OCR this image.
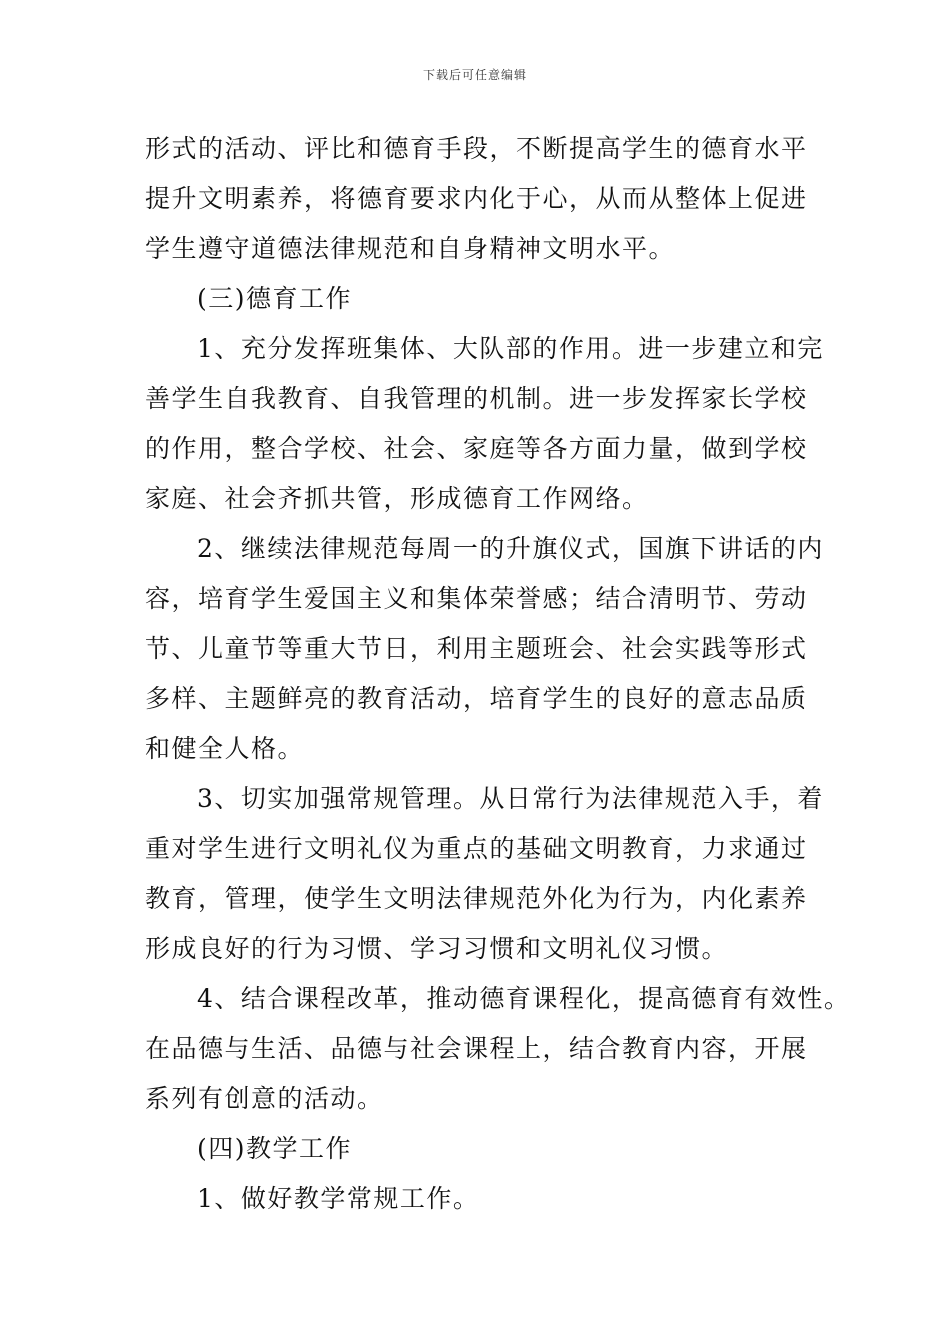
下载后可任意编辑
形式的活动、评比和德育手段，不断提高学生的德育水平
提升文明素养，将德育要求内化于心，从而从整体上促进
学生遵守道德法律规范和自身精神文明水平。
(三)德育工作
1、充分发挥班集体、大队部的作用。进一步建立和完
善学生自我教育、自我管理的机制。进一步发挥家长学校
的作用，整合学校、社会、家庭等各方面力量，做到学校
家庭、社会齐抓共管，形成德育工作网络。
2、继续法律规范每周一的升旗仪式，国旗下讲话的内
容，培育学生爱国主义和集体荣誉感；结合清明节、劳动
节、儿童节等重大节日，利用主题班会、社会实践等形式
多样、主题鲜亮的教育活动，培育学生的良好的意志品质
和健全人格。
3、切实加强常规管理。从日常行为法律规范入手，着
重对学生进行文明礼仪为重点的基础文明教育，力求通过
教育，管理，使学生文明法律规范外化为行为，内化素养
形成良好的行为习惯、学习习惯和文明礼仪习惯。
4、结合课程改革，推动德育课程化，提高德育有效性。
在品德与生活、品德与社会课程上，结合教育内容，开展
系列有创意的活动。
(四)教学工作
1、做好教学常规工作。
